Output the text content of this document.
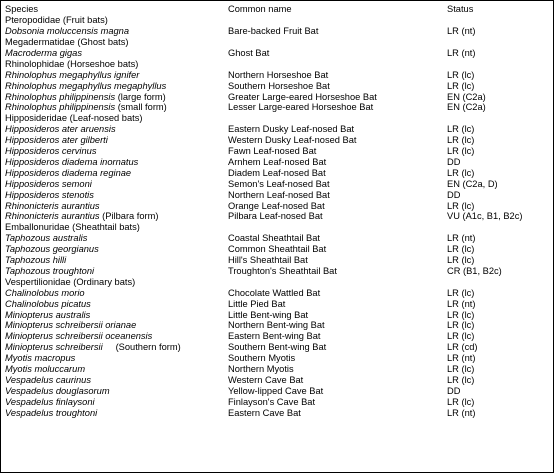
Species	Common name	Status
Pteropodidae (Fruit bats)
Dobsonia moluccensis magna	Bare-backed Fruit Bat	LR (nt)
Megadermatidae (Ghost bats)
Macroderma gigas	Ghost Bat	LR (nt)
Rhinolophidae (Horseshoe bats)
Rhinolophus megaphyllus ignifer	Northern Horseshoe Bat	LR (lc)
Rhinolophus megaphyllus megaphyllus	Southern Horseshoe Bat	LR (lc)
Rhinolophus philippinensis (large form)	Greater Large-eared Horseshoe Bat	EN (C2a)
Rhinolophus philippinensis (small form)	Lesser Large-eared Horseshoe Bat	EN (C2a)
Hipposideridae (Leaf-nosed bats)
Hipposideros ater aruensis	Eastern Dusky Leaf-nosed Bat	LR (lc)
Hipposideros ater gilberti	Western Dusky Leaf-nosed Bat	LR (lc)
Hipposideros cervinus	Fawn Leaf-nosed Bat	LR (lc)
Hipposideros diadema inornatus	Arnhem Leaf-nosed Bat	DD
Hipposideros diadema reginae	Diadem Leaf-nosed Bat	LR (lc)
Hipposideros semoni	Semon's Leaf-nosed Bat	EN (C2a, D)
Hipposideros stenotis	Northern Leaf-nosed Bat	DD
Rhinonicteris aurantius	Orange Leaf-nosed Bat	LR (lc)
Rhinonicteris aurantius (Pilbara form)	Pilbara Leaf-nosed Bat	VU (A1c, B1, B2c)
Emballonuridae (Sheathtail bats)
Taphozous australis	Coastal Sheathtail Bat	LR (nt)
Taphozous georgianus	Common Sheathtail Bat	LR (lc)
Taphozous hilli	Hill's Sheathtail Bat	LR (lc)
Taphozous troughtoni	Troughton's Sheathtail Bat	CR (B1, B2c)
Vespertilionidae (Ordinary bats)
Chalinolobus morio	Chocolate Wattled Bat	LR (lc)
Chalinolobus picatus	Little Pied Bat	LR (nt)
Miniopterus australis	Little Bent-wing Bat	LR (lc)
Miniopterus schreibersii orianae	Northern Bent-wing Bat	LR (lc)
Miniopterus schreibersii oceanensis	Eastern Bent-wing Bat	LR (lc)
Miniopterus schreibersii (Southern form)	Southern Bent-wing Bat	LR (cd)
Myotis macropus	Southern Myotis	LR (nt)
Myotis moluccarum	Northern Myotis	LR (lc)
Vespadelus caurinus	Western Cave Bat	LR (lc)
Vespadelus douglasorum	Yellow-lipped Cave Bat	DD
Vespadelus finlaysoni	Finlayson's Cave Bat	LR (lc)
Vespadelus troughtoni	Eastern Cave Bat	LR (nt)
